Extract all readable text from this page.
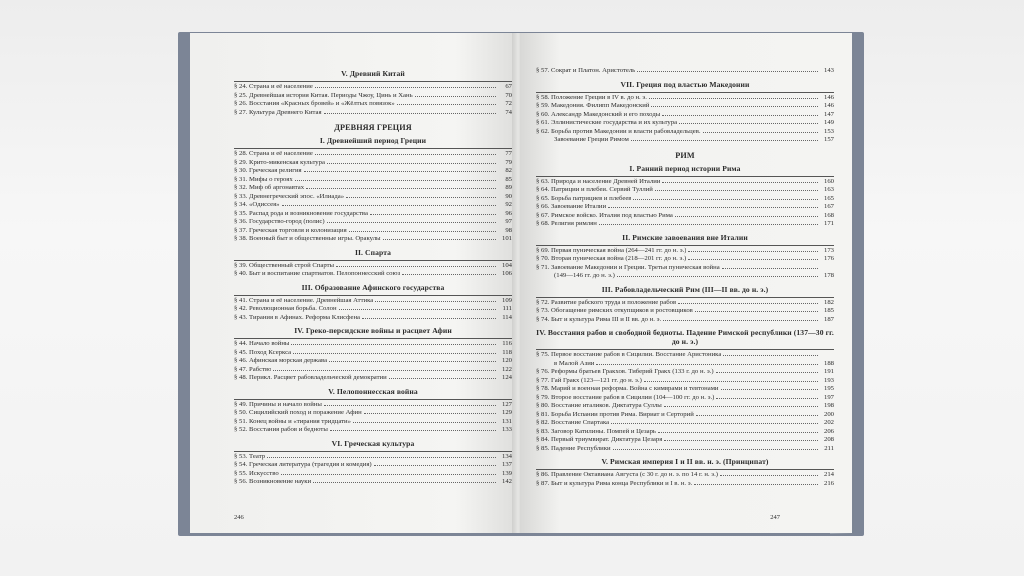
V. Древний Китай
§ 24. Страна и её население	67
§ 25. Древнейшая история Китая. Периоды Чжоу, Цинь и Хань	70
§ 26. Восстания «Красных бровей» и «Жёлтых повязок»	72
§ 27. Культура Древнего Китая	74
ДРЕВНЯЯ ГРЕЦИЯ
I. Древнейший период Греции
§ 28. Страна и её население	77
§ 29. Крито-микенская культура	79
§ 30. Греческая религия	82
§ 31. Мифы о героях	85
§ 32. Миф об аргонавтах	89
§ 33. Древнегреческий эпос. «Илиада»	90
§ 34. «Одиссея»	92
§ 35. Распад рода и возникновение государства	96
§ 36. Государство-город (полис)	97
§ 37. Греческая торговля и колонизация	98
§ 38. Военный быт и общественные игры. Оракулы	101
II. Спарта
§ 39. Общественный строй Спарты	104
§ 40. Быт и воспитание спартиатов. Пелопоннесский союз	106
III. Образование Афинского государства
§ 41. Страна и её население. Древнейшая Аттика	109
§ 42. Революционная борьба. Солон	111
§ 43. Тирания в Афинах. Реформа Клисфена	114
IV. Греко-персидские войны и расцвет Афин
§ 44. Начало войны	116
§ 45. Поход Ксеркса	118
§ 46. Афинская морская держава	120
§ 47. Рабство	122
§ 48. Перикл. Расцвет рабовладельческой демократии	124
V. Пелопоннесская война
§ 49. Причины и начало войны	127
§ 50. Сицилийский поход и поражение Афин	129
§ 51. Конец войны и «тирания тридцати»	131
§ 52. Восстания рабов и бедноты	133
VI. Греческая культура
§ 53. Театр	134
§ 54. Греческая литература (трагедия и комедия)	137
§ 55. Искусство	139
§ 56. Возникновение науки	142
246
§ 57. Сократ и Платон. Аристотель	143
VII. Греция под властью Македонии
§ 58. Положение Греции в IV в. до н. э.	146
§ 59. Македония. Филипп Македонский	146
§ 60. Александр Македонский и его походы	147
§ 61. Эллинистические государства и их культура	149
§ 62. Борьба против Македонии и власти рабовладельцев.	153
Завоевание Греции Римом	157
РИМ
I. Ранний период истории Рима
§ 63. Природа и население Древней Италии	160
§ 64. Патриции и плебеи. Сервий Туллий	163
§ 65. Борьба патрициев и плебеев	165
§ 66. Завоевание Италии	167
§ 67. Римское войско. Италия под властью Рима	168
§ 68. Религия римлян	171
II. Римские завоевания вне Италии
§ 69. Первая пуническая война (264—241 гг. до н. э.)	173
§ 70. Вторая пуническая война (218—201 гг. до н. э.)	176
§ 71. Завоевание Македонии и Греции. Третья пуническая война
(149—146 гг. до н. э.)	178
III. Рабовладельческий Рим (III—II вв. до н. э.)
§ 72. Развитие рабского труда и положение рабов	182
§ 73. Обогащение римских откупщиков и ростовщиков	185
§ 74. Быт и культура Рима III и II вв. до н. э.	187
IV. Восстания рабов и свободной бедноты. Падение Римской республики (137—30 гг. до н. э.)
§ 75. Первое восстание рабов в Сицилии. Восстание Аристоника
в Малой Азии	188
§ 76. Реформы братьев Гракхов. Тиберий Гракх (133 г. до н. э.)	191
§ 77. Гай Гракх (123—121 гг. до н. э.)	193
§ 78. Марий и военная реформа. Война с кимврами и тевтонами	195
§ 79. Второе восстание рабов в Сицилии (104—100 гг. до н. э.)	197
§ 80. Восстание италиков. Диктатура Суллы	198
§ 81. Борьба Испании против Рима. Вириат и Серторий	200
§ 82. Восстание Спартака	202
§ 83. Заговор Катилины. Помпей и Цезарь	206
§ 84. Первый триумвират. Диктатура Цезаря	208
§ 85. Падение Республики	211
V. Римская империя I и II вв. н. э. (Принципат)
§ 86. Правление Октавиана Августа (с 30 г. до н. э. по 14 г. н. э.)	214
§ 87. Быт и культура Рима конца Республики и I в. н. э.	216
247
